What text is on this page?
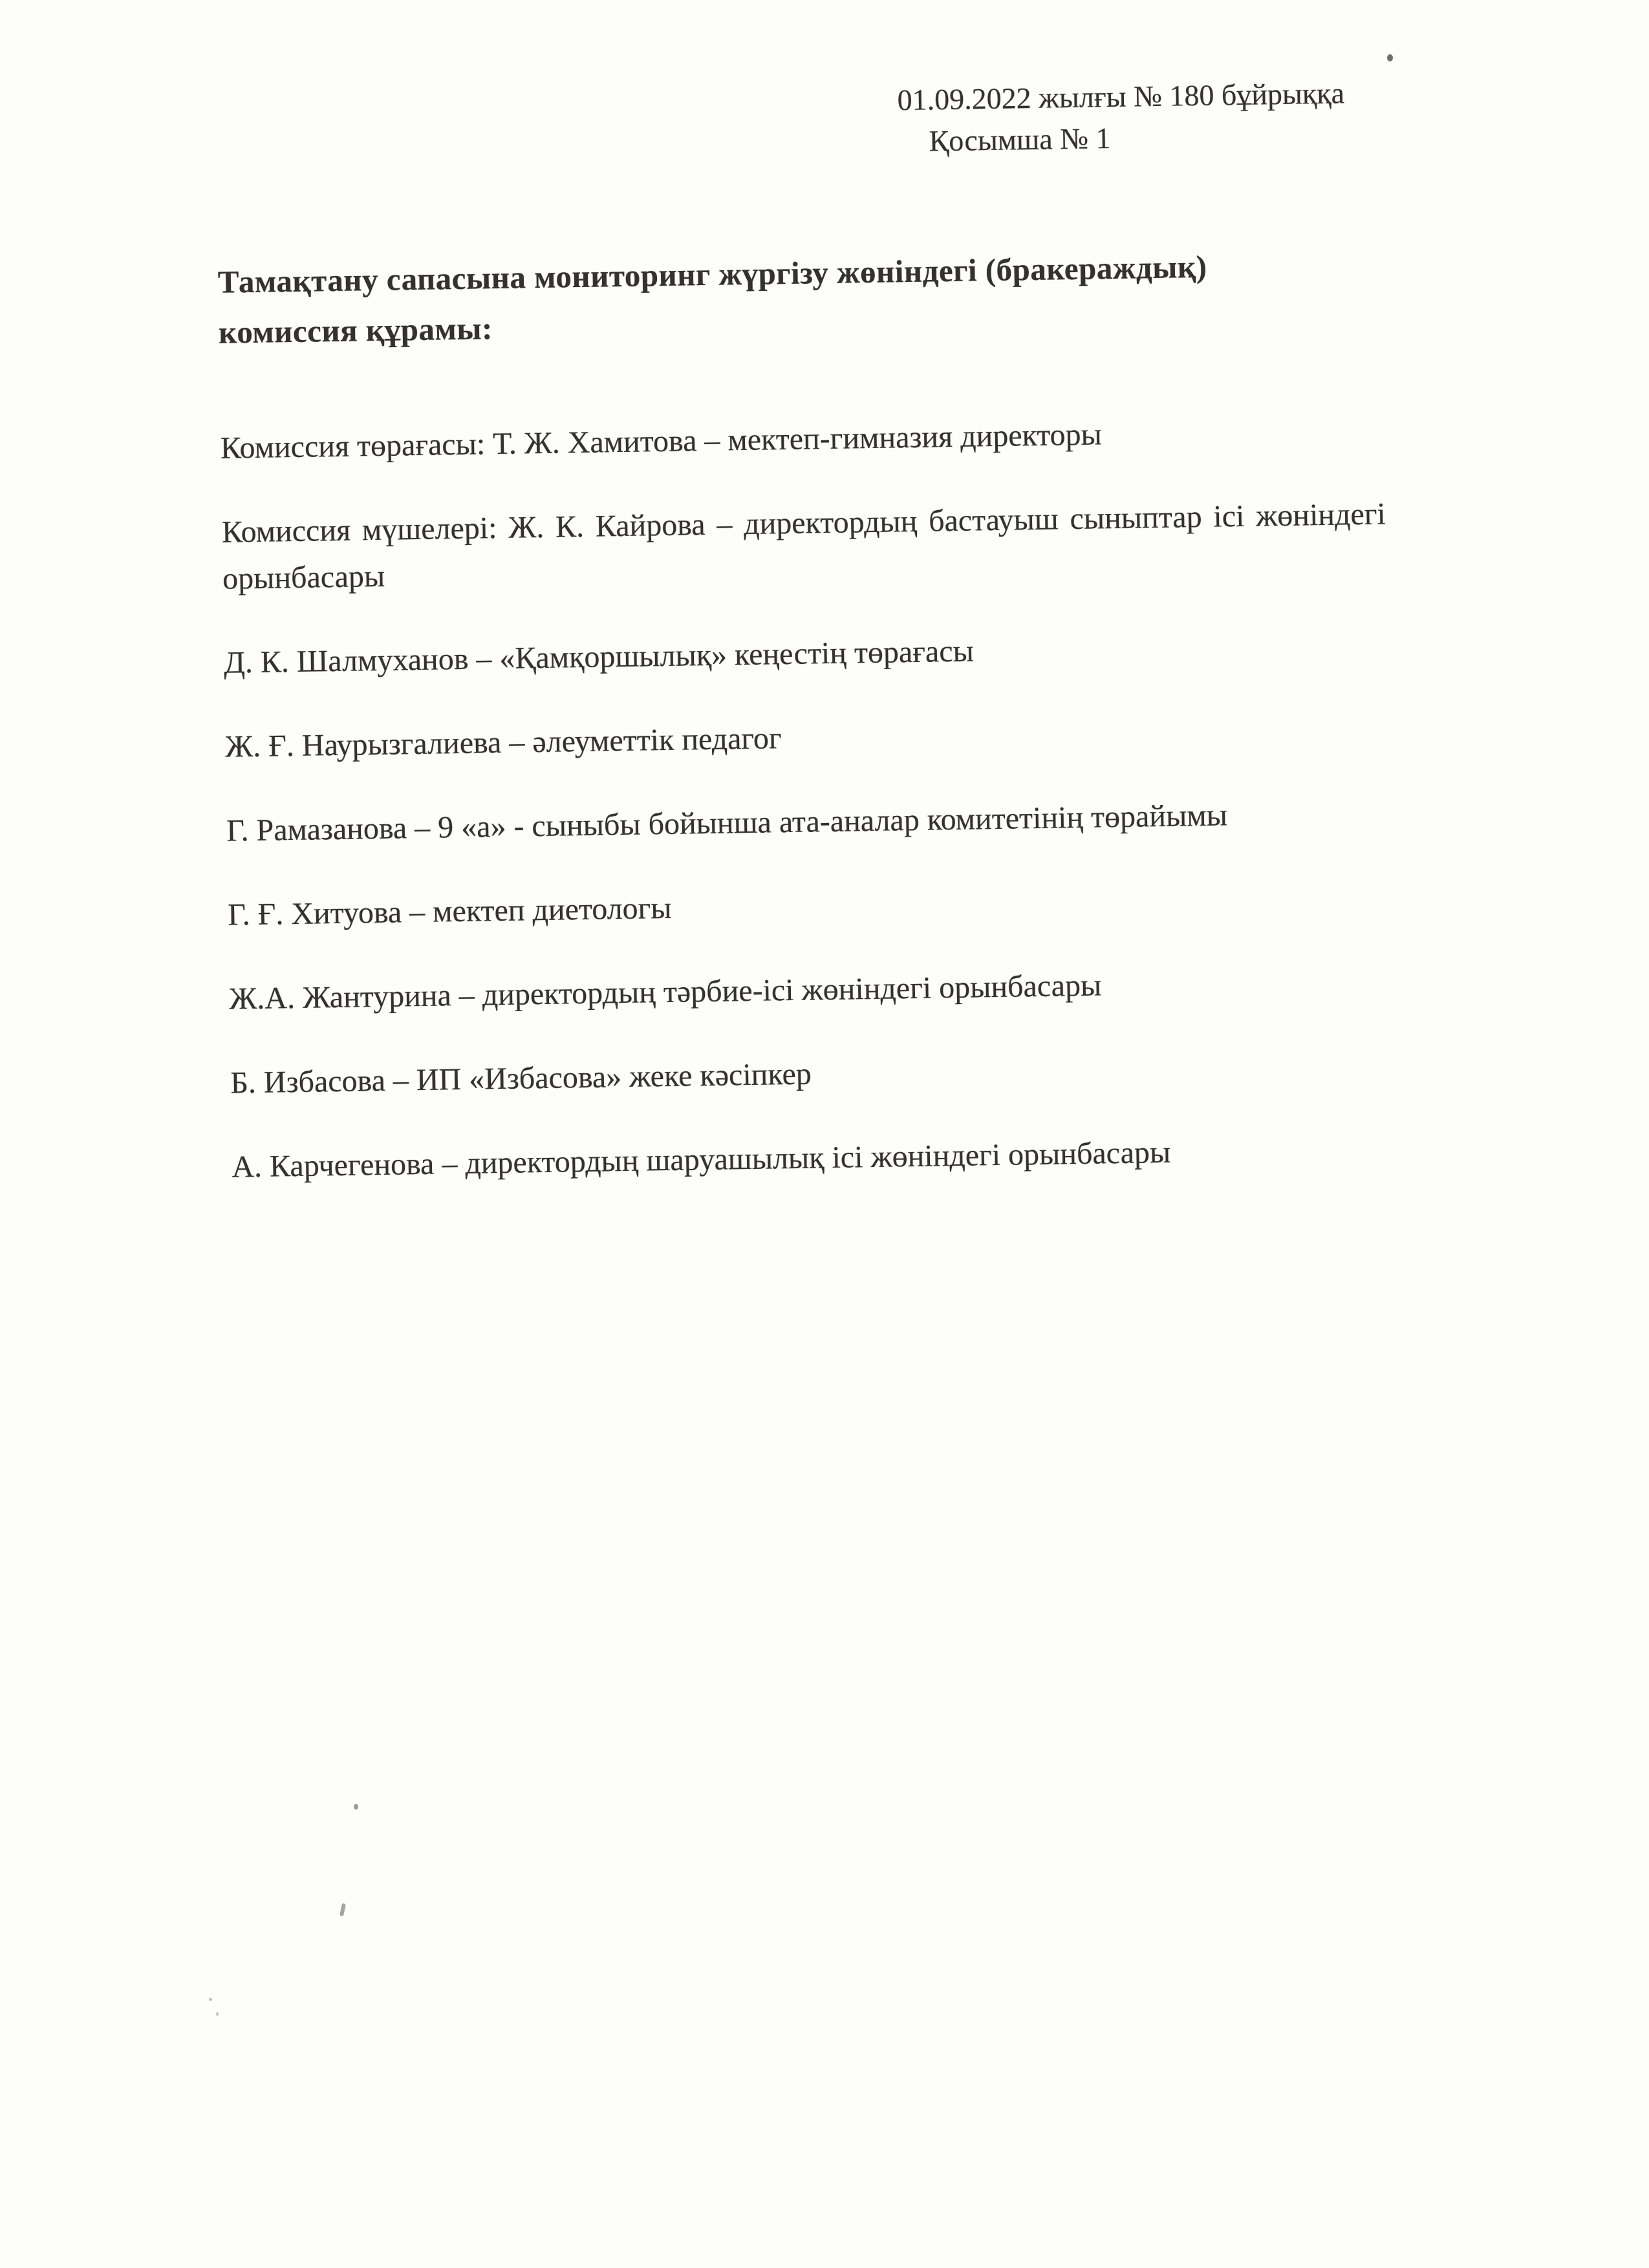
01.09.2022 жылғы № 180 бұйрыққа
Қосымша № 1
Тамақтану сапасына мониторинг жүргізу жөніндегі (бракераждық)
комиссия құрамы:

Комиссия төрағасы: Т. Ж. Хамитова – мектеп-гимназия директоры

Комиссия мүшелері: Ж. К. Кайрова – директордың бастауыш сыныптар ісі жөніндегі

орынбасары

Д. К. Шалмуханов – «Қамқоршылық» кеңестің төрағасы

Ж. Ғ. Наурызгалиева – әлеуметтік педагог

Г. Рамазанова – 9 «а» - сыныбы бойынша ата-аналар комитетінің төрайымы

Г. Ғ. Хитуова – мектеп диетологы

Ж.А. Жантурина – директордың тәрбие-ісі жөніндегі орынбасары

Б. Избасова – ИП «Избасова» жеке кәсіпкер

А. Карчегенова – директордың шаруашылық ісі жөніндегі орынбасары
